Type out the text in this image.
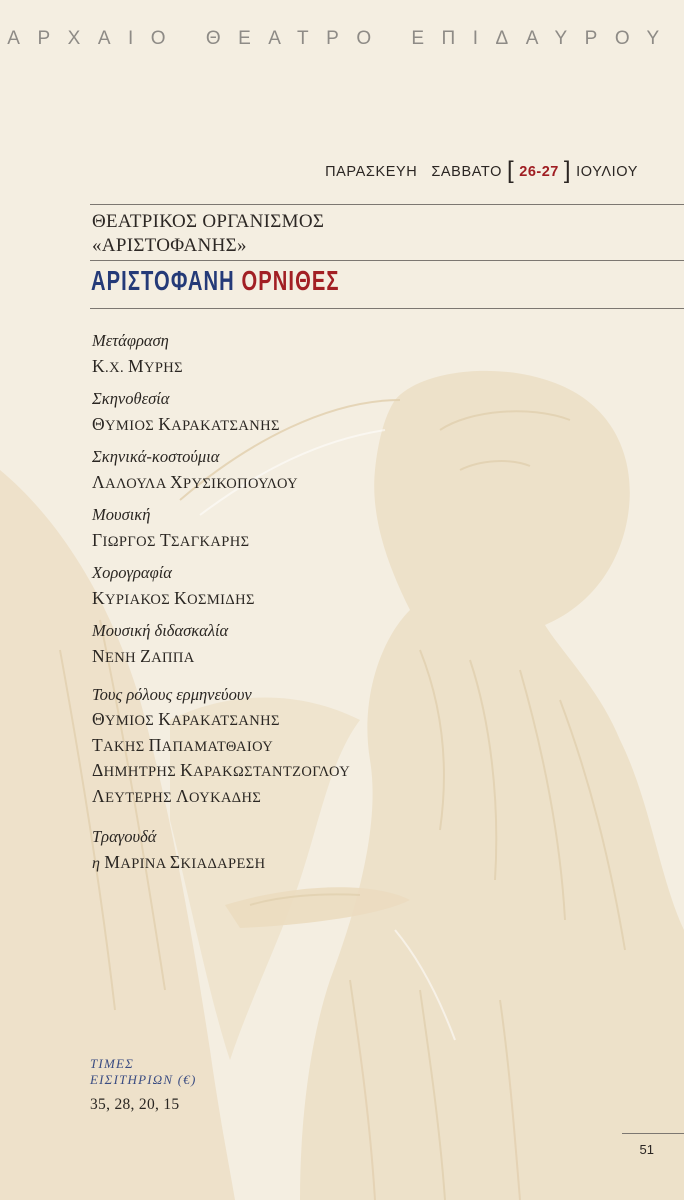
ΑΡΧΑΙΟ ΘΕΑΤΡΟ ΕΠΙΔΑΥΡΟΥ
ΠΑΡΑΣΚΕΥΗ ΣΑΒΒΑΤΟ [ 26-27 ] ΙΟΥΛΙΟΥ
ΘΕΑΤΡΙΚΟΣ ΟΡΓΑΝΙΣΜΟΣ
«ΑΡΙΣΤΟΦΑΝΗΣ»
ΑΡΙΣΤΟΦΑΝΗ ΟΡΝΙΘΕΣ
Μετάφραση
Κ.Χ. ΜΥΡΗΣ
Σκηνοθεσία
ΘΥΜΙΟΣ ΚΑΡΑΚΑΤΣΑΝΗΣ
Σκηνικά-κοστούμια
ΛΑΛΟΥΛΑ ΧΡΥΣΙΚΟΠΟΥΛΟΥ
Μουσική
ΓΙΩΡΓΟΣ ΤΣΑΓΚΑΡΗΣ
Χορογραφία
ΚΥΡΙΑΚΟΣ ΚΟΣΜΙΔΗΣ
Μουσική διδασκαλία
ΝΕΝΗ ΖΑΠΠΑ
Τους ρόλους ερμηνεύουν
ΘΥΜΙΟΣ ΚΑΡΑΚΑΤΣΑΝΗΣ
ΤΑΚΗΣ ΠΑΠΑΜΑΤΘΑΙΟΥ
ΔΗΜΗΤΡΗΣ ΚΑΡΑΚΩΣΤΑΝΤΖΟΓΛΟΥ
ΛΕΥΤΕΡΗΣ ΛΟΥΚΑΔΗΣ
Τραγουδά
η ΜΑΡΙΝΑ ΣΚΙΑΔΑΡΕΣΗ
ΤΙΜΕΣ
ΕΙΣΙΤΗΡΙΩΝ (€)
35, 28, 20, 15
51
